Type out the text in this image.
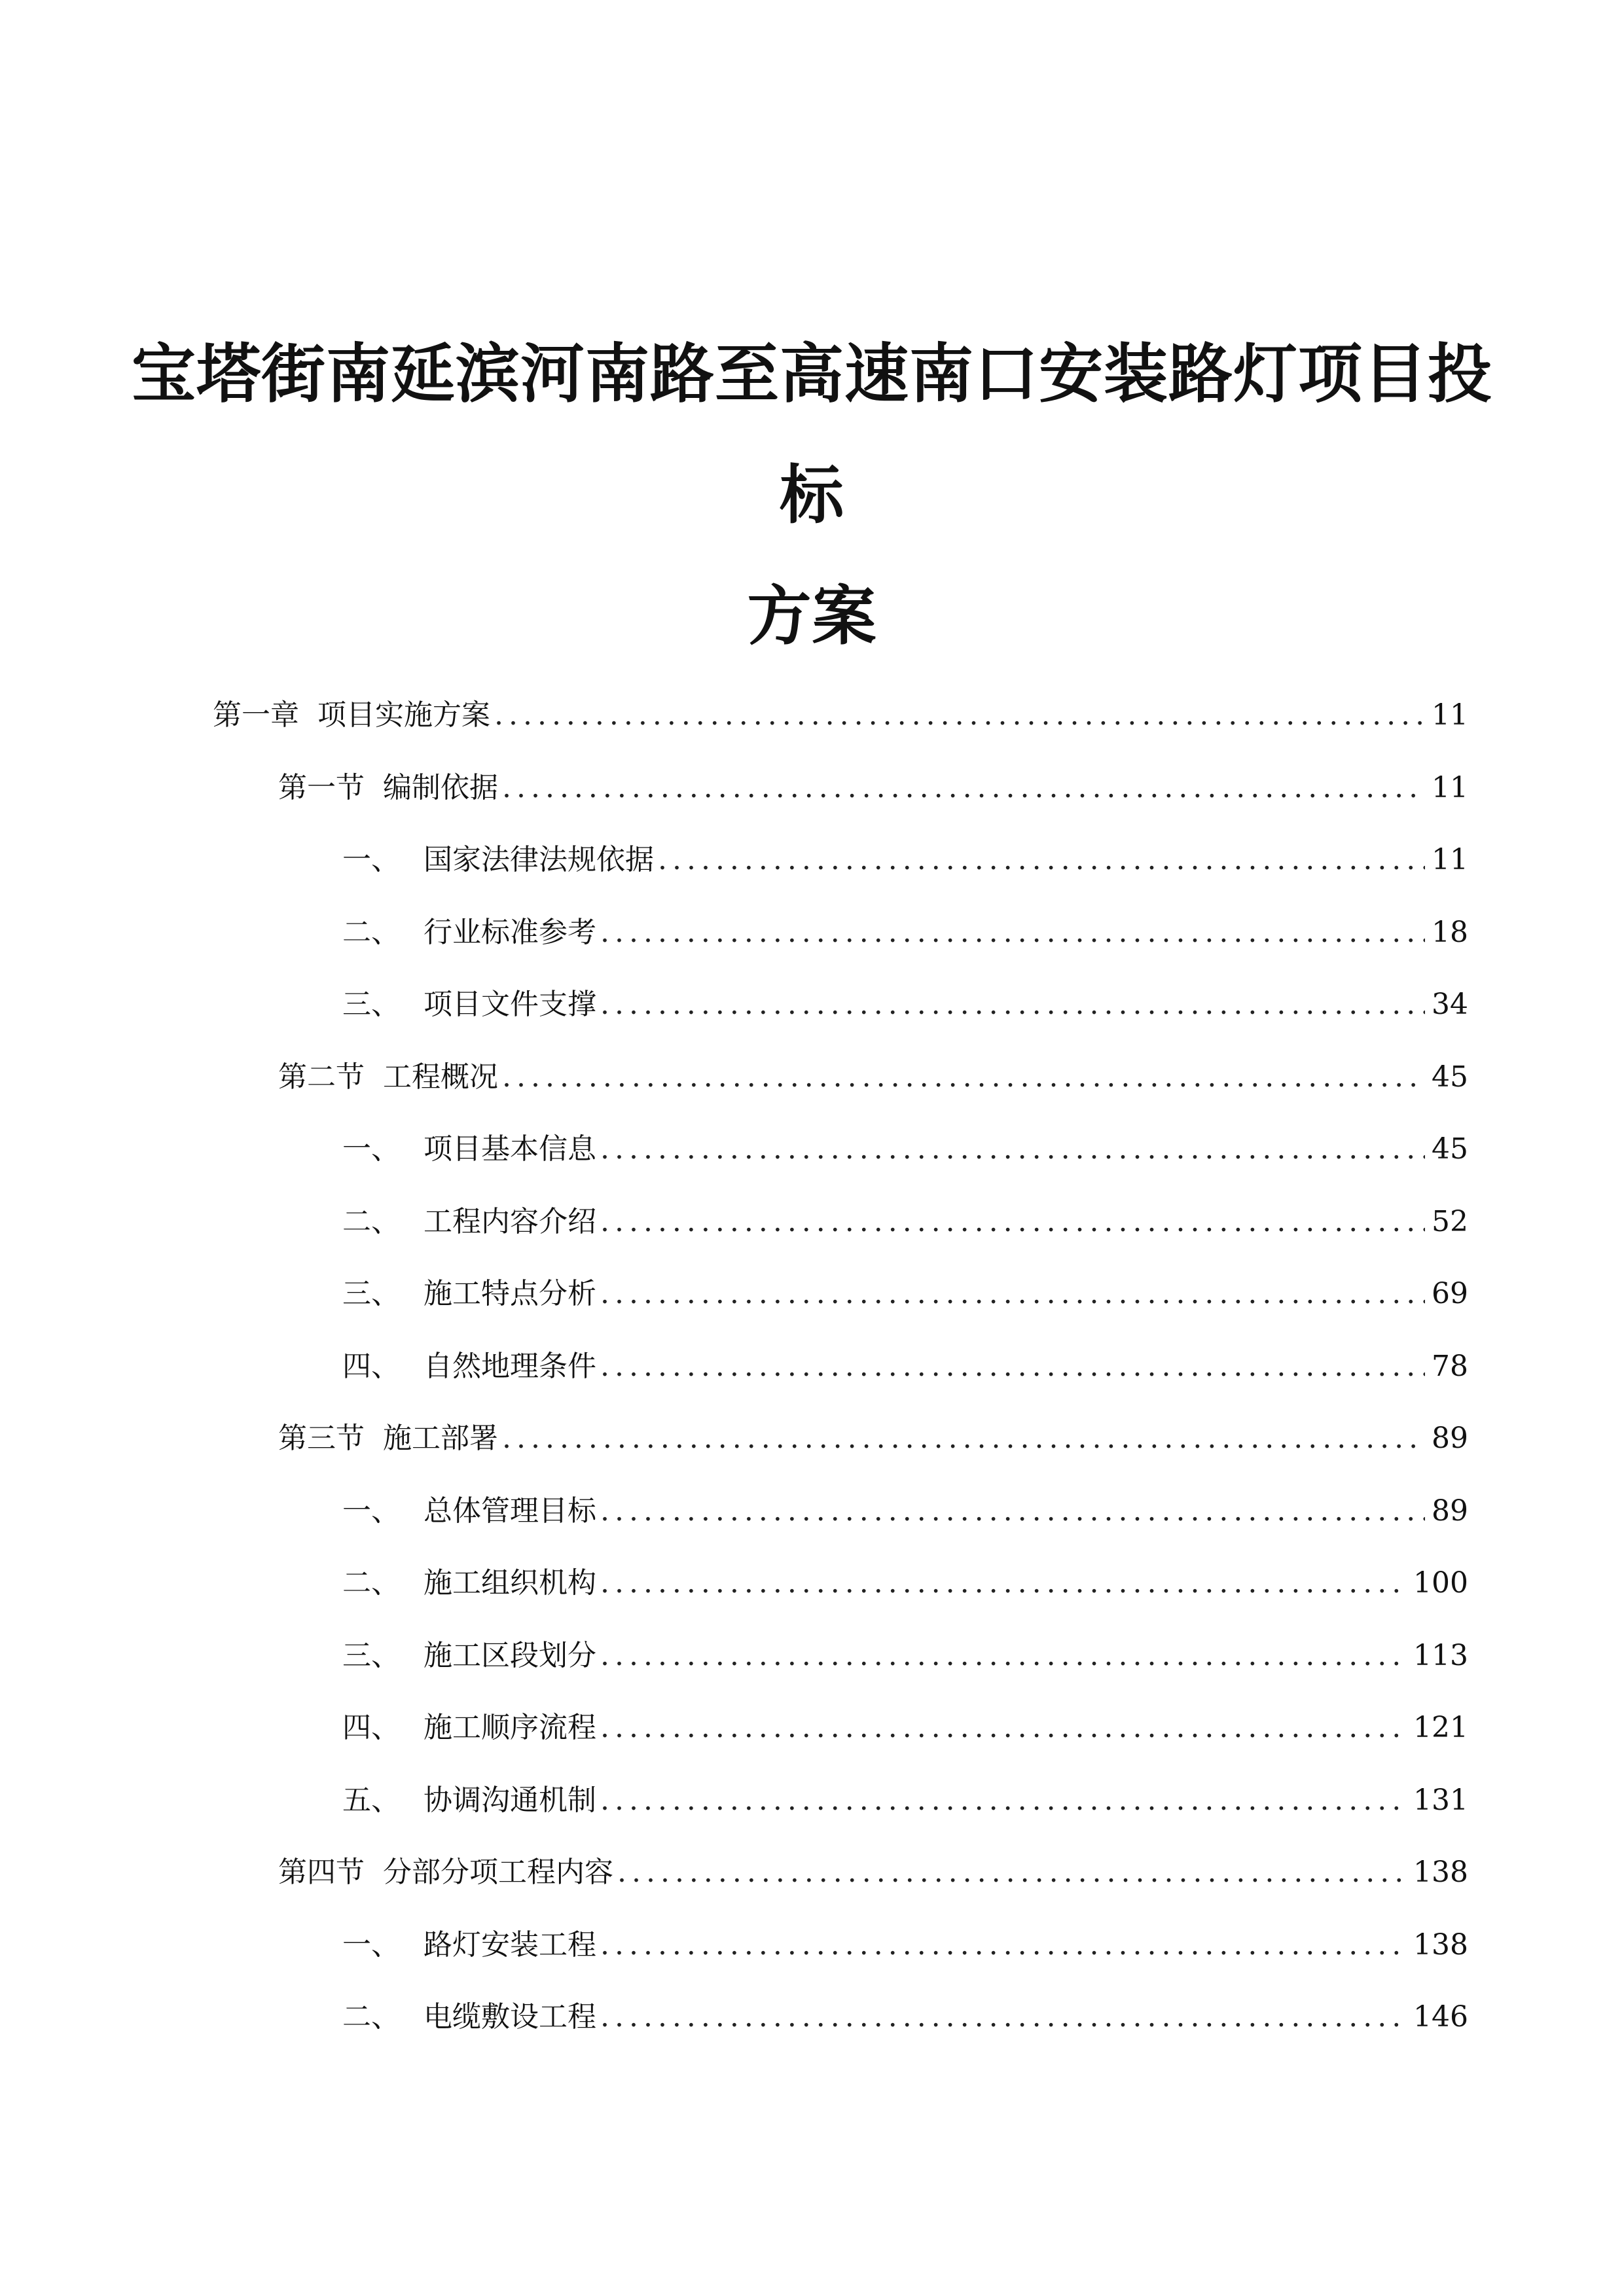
宝塔街南延滨河南路至高速南口安装路灯项目投标
方案
第一章 项目实施方案 .....	11
第一节 编制依据 .....	11
一、 国家法律法规依据 .....	11
二、 行业标准参考 .....	18
三、 项目文件支撑 .....	34
第二节 工程概况 .....	45
一、 项目基本信息 .....	45
二、 工程内容介绍 .....	52
三、 施工特点分析 .....	69
四、 自然地理条件 .....	78
第三节 施工部署 .....	89
一、 总体管理目标 .....	89
二、 施工组织机构 .....	100
三、 施工区段划分 .....	113
四、 施工顺序流程 .....	121
五、 协调沟通机制 .....	131
第四节 分部分项工程内容 .....	138
一、 路灯安装工程 .....	138
二、 电缆敷设工程 .....	146
